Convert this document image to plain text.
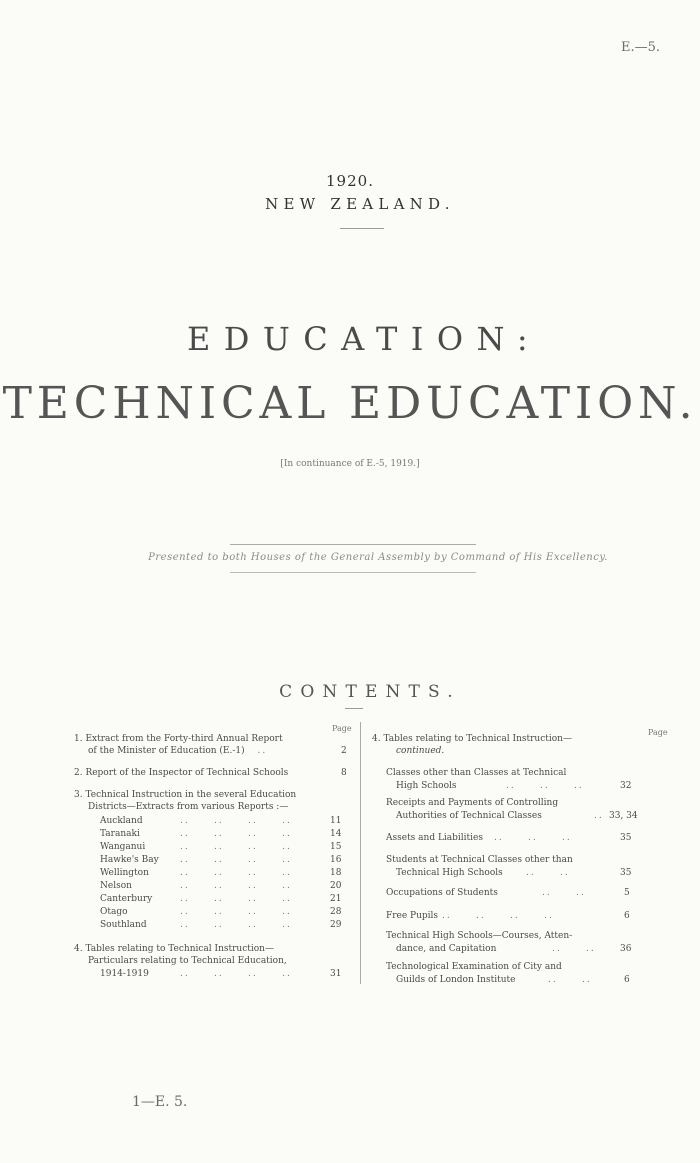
E.—5.
1920.
NEW ZEALAND.
EDUCATION:
TECHNICAL EDUCATION.
[In continuance of E.-5, 1919.]
Presented to both Houses of the General Assembly by Command of His Excellency.
CONTENTS.
Page	Page
1. Extract from the Forty-third Annual Report
of the Minister of Education (E.-1) ..	2
2. Report of the Inspector of Technical Schools	8
3. Technical Instruction in the several Education
Districts—Extracts from various Reports :—
Auckland	..     ..     ..     ..	11
Taranaki	..     ..     ..     ..	14
Wanganui	..     ..     ..     ..	15
Hawke's Bay ..     ..     ..     ..	16
Wellington	..     ..     ..     ..	18
Nelson	..     ..     ..     ..	20
Canterbury	..     ..     ..     ..	21
Otago	..     ..     ..     ..	28
Southland	..     ..     ..     ..	29
4. Tables relating to Technical Instruction—
Particulars relating to Technical Education,
1914-1919	..     ..     ..     ..	31
4. Tables relating to Technical Instruction—
continued.
Classes other than Classes at Technical
High Schools	..     ..     ..	32
Receipts and Payments of Controlling
Authorities of Technical Classes	.. 33, 34
Assets and Liabilities ..     ..     ..	35
Students at Technical Classes other than
Technical High Schools	..     ..	35
Occupations of Students	..     ..	5
Free Pupils ..     ..     ..     ..	6
Technical High Schools—Courses, Atten-
dance, and Capitation	..     ..	36
Technological Examination of City and
Guilds of London Institute	..     ..	6
1—E. 5.
